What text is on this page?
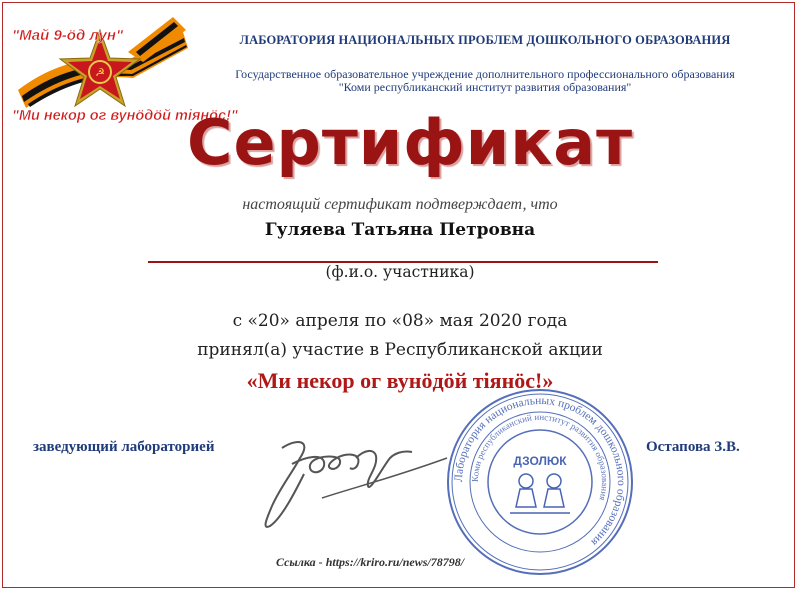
☭
"Май 9-öд лун"
"Ми некор ог вунöдöй тiянöс!"
ЛАБОРАТОРИЯ НАЦИОНАЛЬНЫХ ПРОБЛЕМ ДОШКОЛЬНОГО ОБРАЗОВАНИЯ
Государственное образовательное учреждение дополнительного профессионального образования
"Коми республиканский институт развития образования"
Сертификат
настоящий сертификат подтверждает, что
Гуляева Татьяна Петровна
(ф.и.о. участника)
с «20» апреля по «08» мая 2020 года
принял(а) участие в Республиканской акции
«Ми некор ог вунöдöй тiянöс!»
заведующий лабораторией	Остапова З.В.
Лаборатория национальных проблем дошкольного образования
Коми республиканский институт развития образования
ДЗОЛЮК
Ссылка - https://kriro.ru/news/78798/
